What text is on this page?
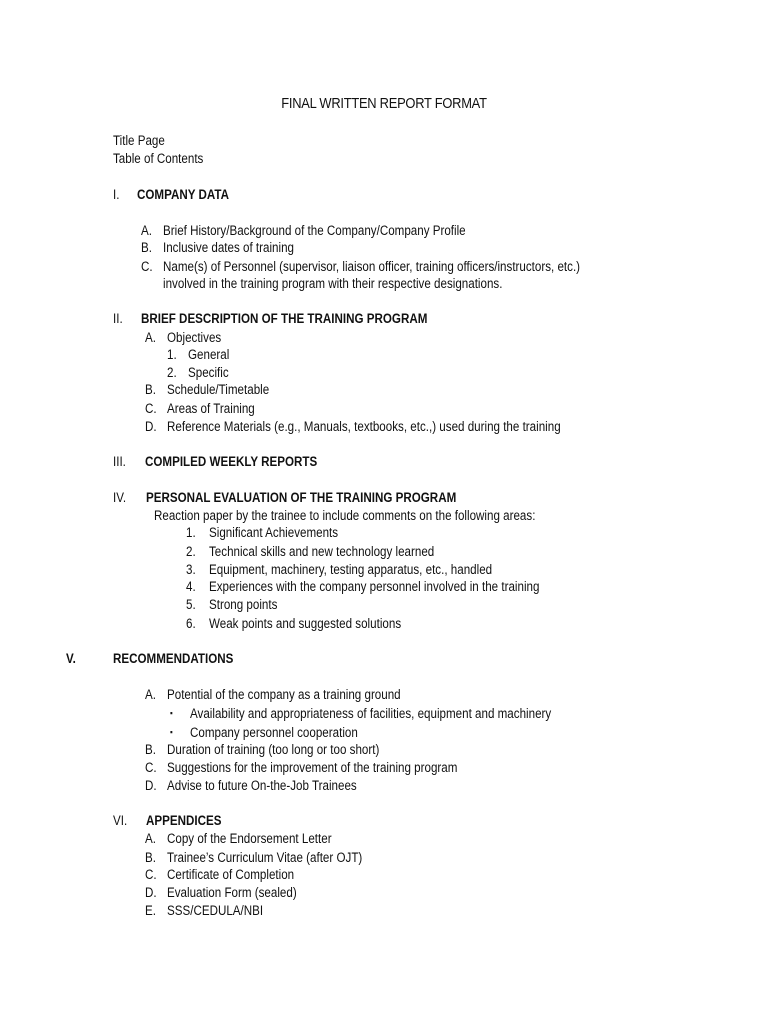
FINAL WRITTEN REPORT FORMAT
Title Page
Table of Contents
I. COMPANY DATA
A. Brief History/Background of the Company/Company Profile
B. Inclusive dates of training
C. Name(s) of Personnel (supervisor, liaison officer, training officers/instructors, etc.)
involved in the training program with their respective designations.
II. BRIEF DESCRIPTION OF THE TRAINING PROGRAM
A. Objectives
1. General
2. Specific
B. Schedule/Timetable
C. Areas of Training
D. Reference Materials (e.g., Manuals, textbooks, etc.,) used during the training
III. COMPILED WEEKLY REPORTS
IV. PERSONAL EVALUATION OF THE TRAINING PROGRAM
Reaction paper by the trainee to include comments on the following areas:
1. Significant Achievements
2. Technical skills and new technology learned
3. Equipment, machinery, testing apparatus, etc., handled
4. Experiences with the company personnel involved in the training
5. Strong points
6. Weak points and suggested solutions
V.	RECOMMENDATIONS
A. Potential of the company as a training ground
▪ Availability and appropriateness of facilities, equipment and machinery
▪ Company personnel cooperation
B. Duration of training (too long or too short)
C. Suggestions for the improvement of the training program
D. Advise to future On-the-Job Trainees
VI. APPENDICES
A. Copy of the Endorsement Letter
B. Trainee’s Curriculum Vitae (after OJT)
C. Certificate of Completion
D. Evaluation Form (sealed)
E. SSS/CEDULA/NBI
